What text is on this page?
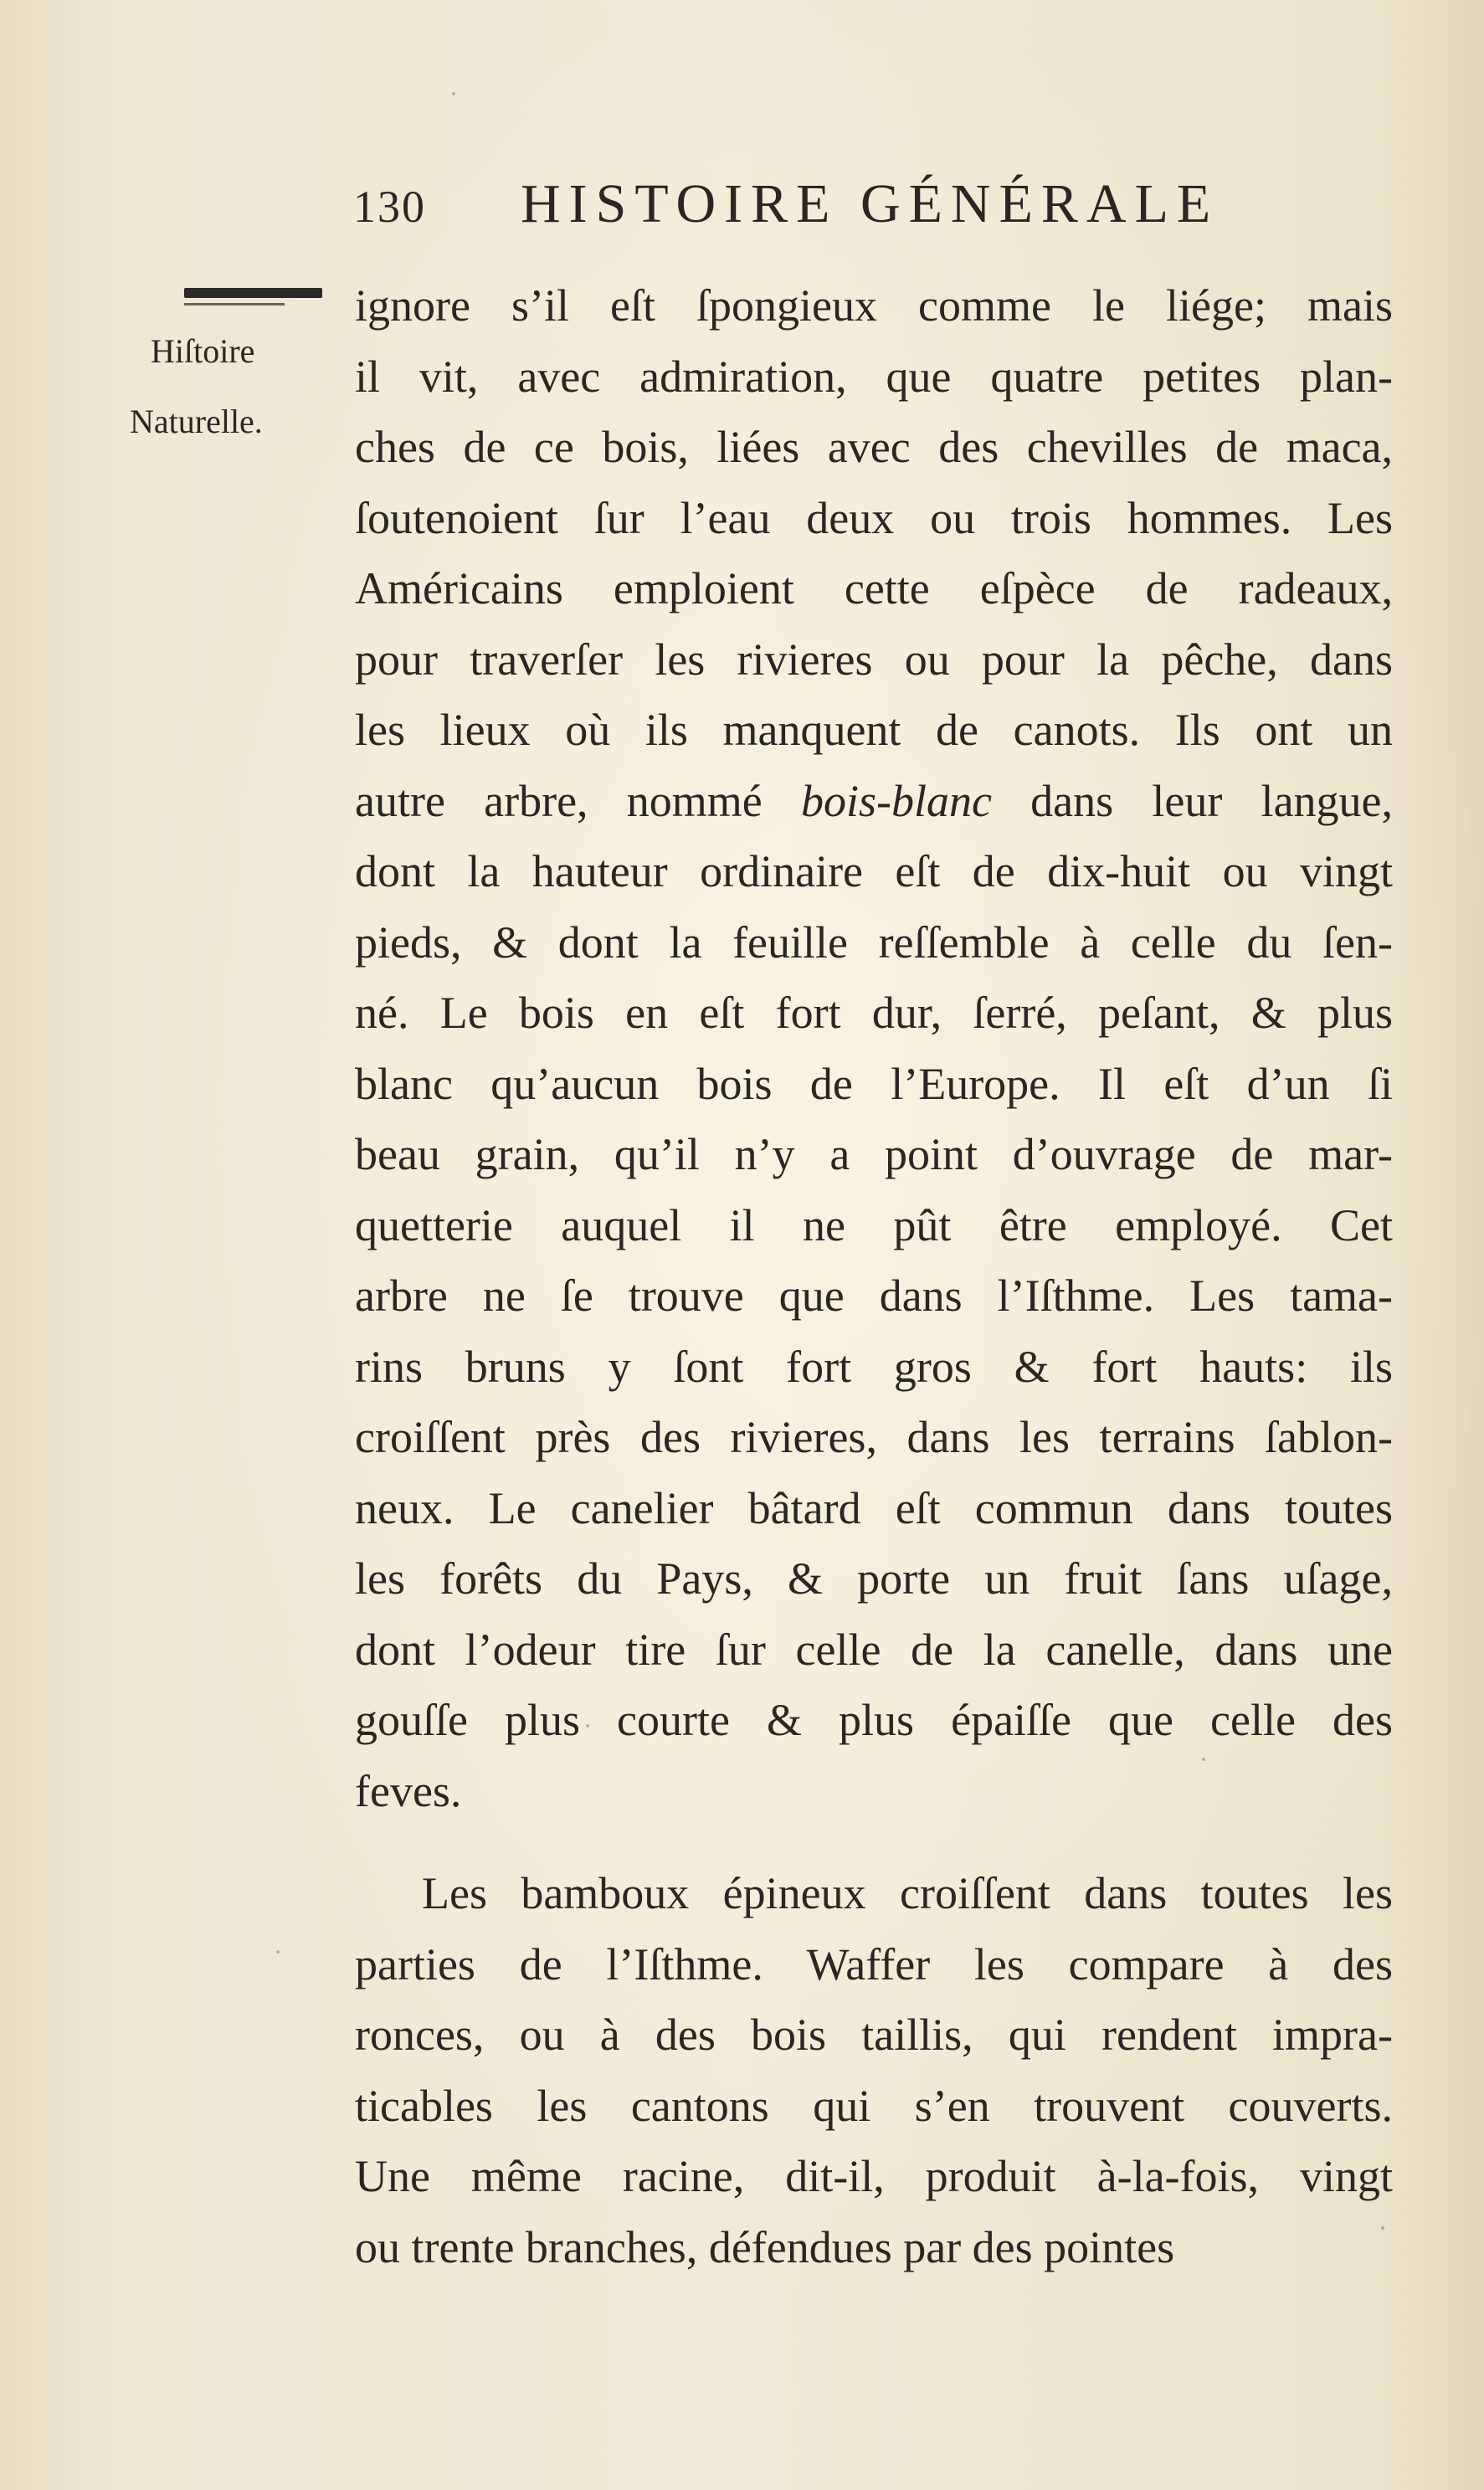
130 HISTOIRE GÉNÉRALE
Hiſtoire
Naturelle.
ignore s’il eſt ſpongieux comme le liége; mais
il vit, avec admiration, que quatre petites plan-
ches de ce bois, liées avec des chevilles de maca,
ſoutenoient ſur l’eau deux ou trois hommes. Les
Américains emploient cette eſpèce de radeaux,
pour traverſer les rivieres ou pour la pêche, dans
les lieux où ils manquent de canots. Ils ont un
autre arbre, nommé bois-blanc dans leur langue,
dont la hauteur ordinaire eſt de dix-huit ou vingt
pieds, & dont la feuille reſſemble à celle du ſen-
né. Le bois en eſt fort dur, ſerré, peſant, & plus
blanc qu’aucun bois de l’Europe. Il eſt d’un ſi
beau grain, qu’il n’y a point d’ouvrage de mar-
quetterie auquel il ne pût être employé. Cet
arbre ne ſe trouve que dans l’Iſthme. Les tama-
rins bruns y ſont fort gros & fort hauts: ils
croiſſent près des rivieres, dans les terrains ſablon-
neux. Le canelier bâtard eſt commun dans toutes
les forêts du Pays, & porte un fruit ſans uſage,
dont l’odeur tire ſur celle de la canelle, dans une
gouſſe plus courte & plus épaiſſe que celle des
feves.
Les bamboux épineux croiſſent dans toutes les
parties de l’Iſthme. Waffer les compare à des
ronces, ou à des bois taillis, qui rendent impra-
ticables les cantons qui s’en trouvent couverts.
Une même racine, dit-il, produit à-la-fois, vingt
ou trente branches, défendues par des pointes
